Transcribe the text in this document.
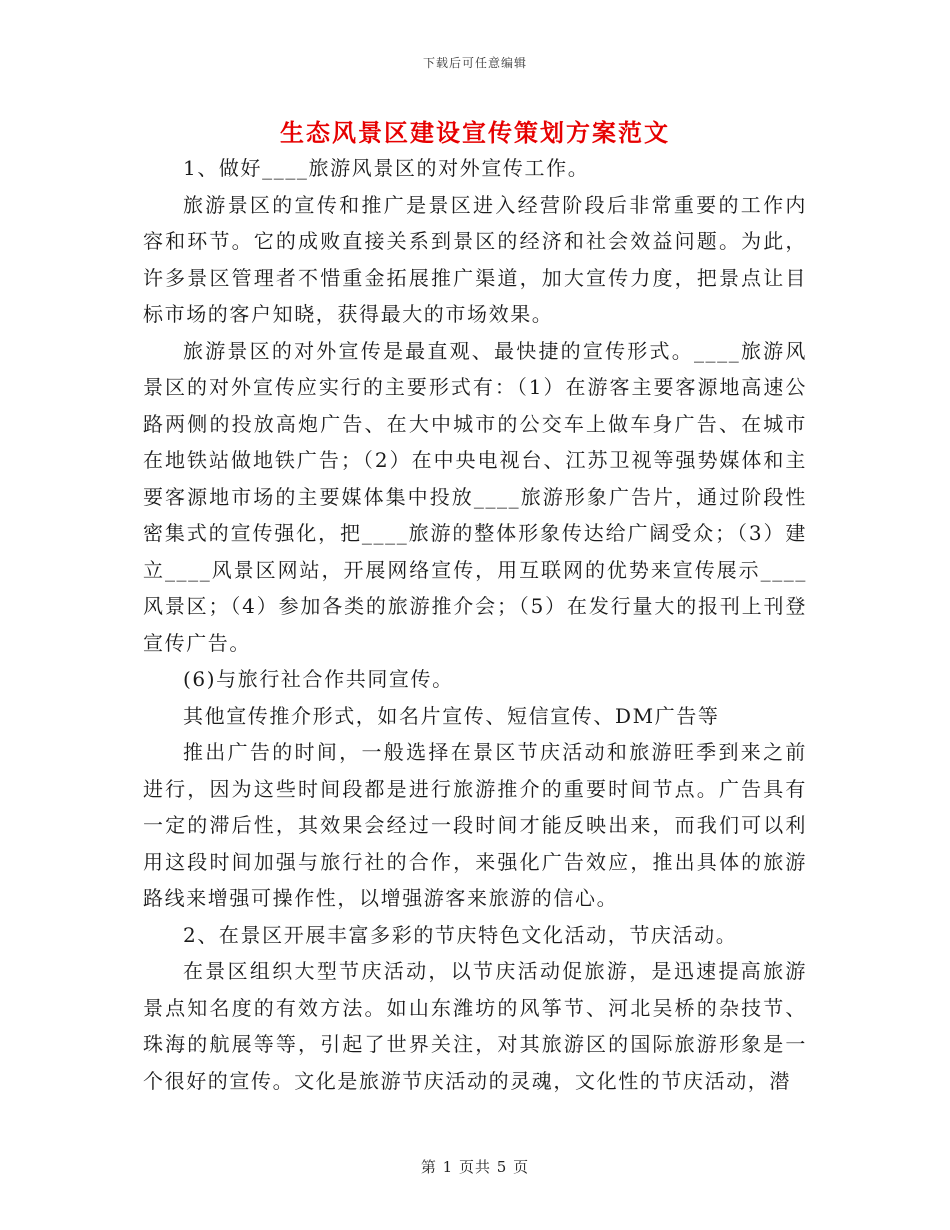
下载后可任意编辑
生态风景区建设宣传策划方案范文

1、做好____旅游风景区的对外宣传工作。

旅游景区的宣传和推广是景区进入经营阶段后非常重要的工作内容和环节。它的成败直接关系到景区的经济和社会效益问题。为此，许多景区管理者不惜重金拓展推广渠道，加大宣传力度，把景点让目标市场的客户知晓，获得最大的市场效果。

旅游景区的对外宣传是最直观、最快捷的宣传形式。____旅游风景区的对外宣传应实行的主要形式有：（1）在游客主要客源地高速公路两侧的投放高炮广告、在大中城市的公交车上做车身广告、在城市在地铁站做地铁广告；（2）在中央电视台、江苏卫视等强势媒体和主要客源地市场的主要媒体集中投放____旅游形象广告片，通过阶段性密集式的宣传强化，把____旅游的整体形象传达给广阔受众；（3）建立____风景区网站，开展网络宣传，用互联网的优势来宣传展示____风景区；（4）参加各类的旅游推介会；（5）在发行量大的报刊上刊登宣传广告。

(6)与旅行社合作共同宣传。

其他宣传推介形式，如名片宣传、短信宣传、DM广告等

推出广告的时间，一般选择在景区节庆活动和旅游旺季到来之前进行，因为这些时间段都是进行旅游推介的重要时间节点。广告具有一定的滞后性，其效果会经过一段时间才能反映出来，而我们可以利用这段时间加强与旅行社的合作，来强化广告效应，推出具体的旅游路线来增强可操作性，以增强游客来旅游的信心。

2、在景区开展丰富多彩的节庆特色文化活动，节庆活动。

在景区组织大型节庆活动，以节庆活动促旅游，是迅速提高旅游景点知名度的有效方法。如山东潍坊的风筝节、河北吴桥的杂技节、珠海的航展等等，引起了世界关注，对其旅游区的国际旅游形象是一个很好的宣传。文化是旅游节庆活动的灵魂，文化性的节庆活动，潜

第 1 页共 5 页
